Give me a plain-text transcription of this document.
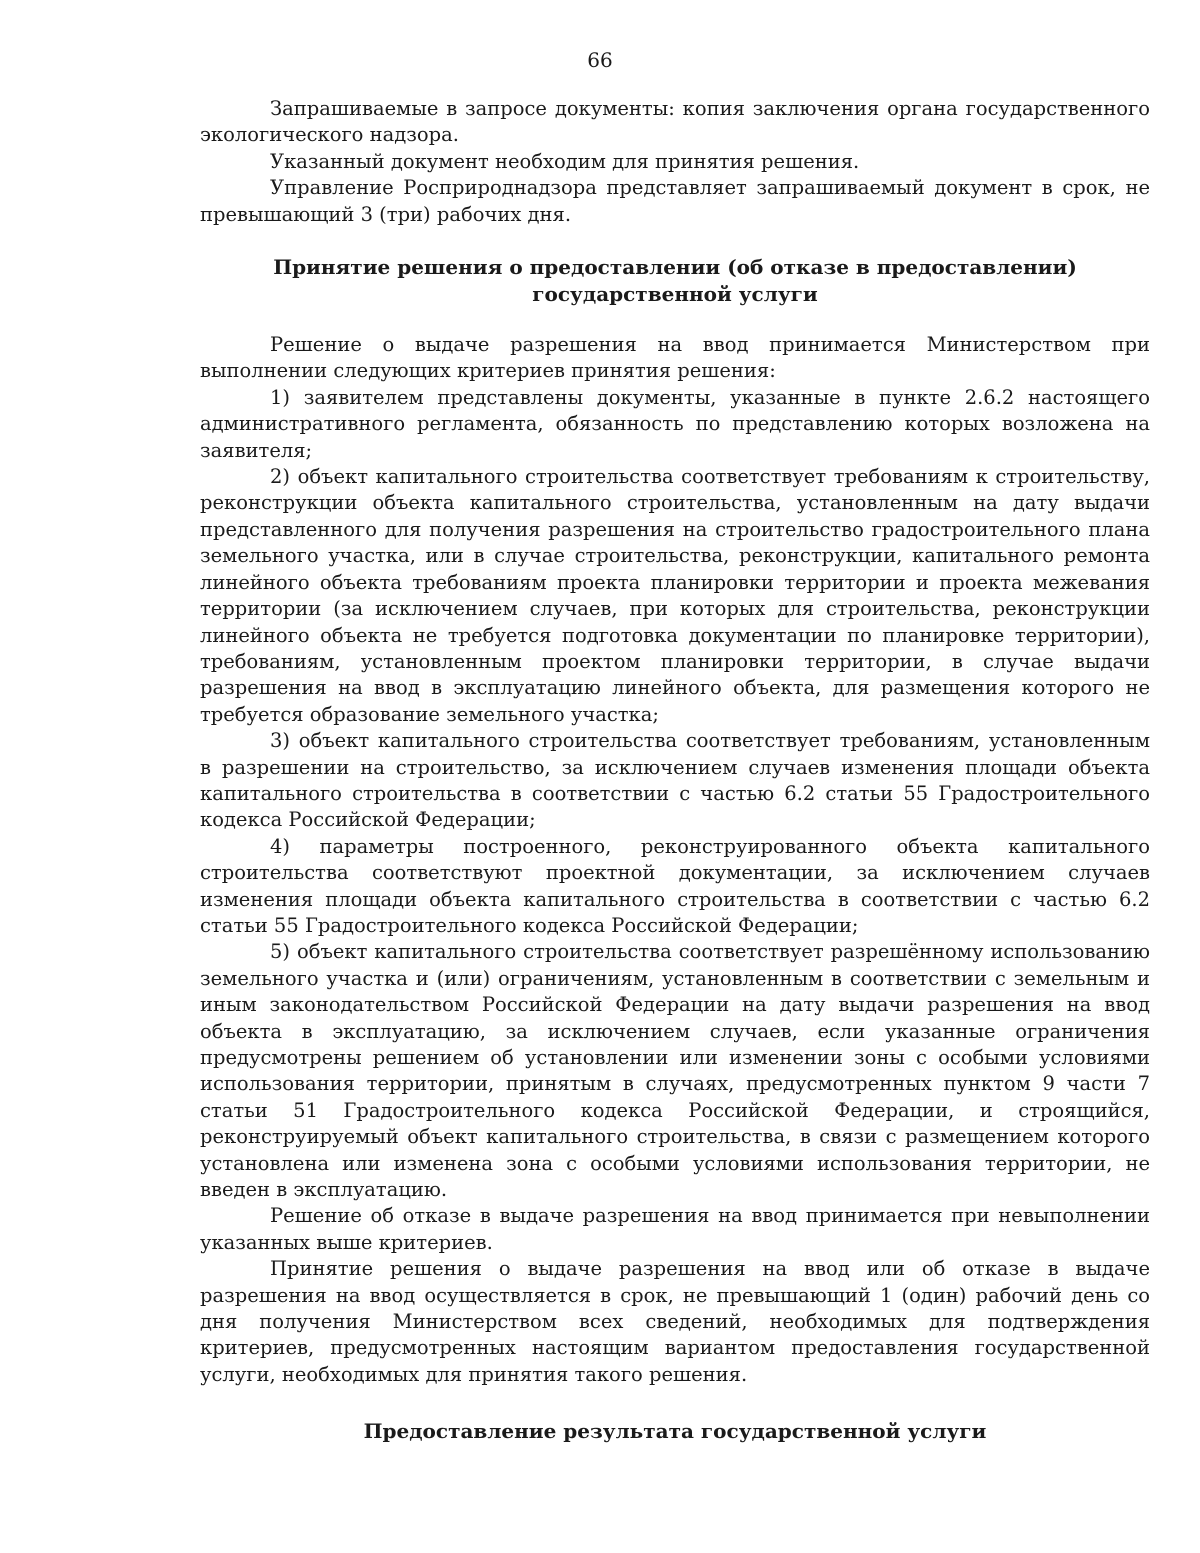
66

Запрашиваемые в запросе документы: копия заключения органа государственного экологического надзора.

Указанный документ необходим для принятия решения.

Управление Росприроднадзора представляет запрашиваемый документ в срок, не превышающий 3 (три) рабочих дня.

Принятие решения о предоставлении (об отказе в предоставлении)
государственной услуги

Решение о выдаче разрешения на ввод принимается Министерством при выполнении следующих критериев принятия решения:

1) заявителем представлены документы, указанные в пункте 2.6.2 настоящего административного регламента, обязанность по представлению которых возложена на заявителя;

2) объект капитального строительства соответствует требованиям к строительству, реконструкции объекта капитального строительства, установленным на дату выдачи представленного для получения разрешения на строительство градостроительного плана земельного участка, или в случае строительства, реконструкции, капитального ремонта линейного объекта требованиям проекта планировки территории и проекта межевания территории (за исключением случаев, при которых для строительства, реконструкции линейного объекта не требуется подготовка документации по планировке территории), требованиям, установленным проектом планировки территории, в случае выдачи разрешения на ввод в эксплуатацию линейного объекта, для размещения которого не требуется образование земельного участка;

3) объект капитального строительства соответствует требованиям, установленным в разрешении на строительство, за исключением случаев изменения площади объекта капитального строительства в соответствии с частью 6.2 статьи 55 Градостроительного кодекса Российской Федерации;

4) параметры построенного, реконструированного объекта капитального строительства соответствуют проектной документации, за исключением случаев изменения площади объекта капитального строительства в соответствии с частью 6.2 статьи 55 Градостроительного кодекса Российской Федерации;

5) объект капитального строительства соответствует разрешённому использованию земельного участка и (или) ограничениям, установленным в соответствии с земельным и иным законодательством Российской Федерации на дату выдачи разрешения на ввод объекта в эксплуатацию, за исключением случаев, если указанные ограничения предусмотрены решением об установлении или изменении зоны с особыми условиями использования территории, принятым в случаях, предусмотренных пунктом 9 части 7 статьи 51 Градостроительного кодекса Российской Федерации, и строящийся, реконструируемый объект капитального строительства, в связи с размещением которого установлена или изменена зона с особыми условиями использования территории, не введен в эксплуатацию.

Решение об отказе в выдаче разрешения на ввод принимается при невыполнении указанных выше критериев.

Принятие решения о выдаче разрешения на ввод или об отказе в выдаче разрешения на ввод осуществляется в срок, не превышающий 1 (один) рабочий день со дня получения Министерством всех сведений, необходимых для подтверждения критериев, предусмотренных настоящим вариантом предоставления государственной услуги, необходимых для принятия такого решения.

Предоставление результата государственной услуги
